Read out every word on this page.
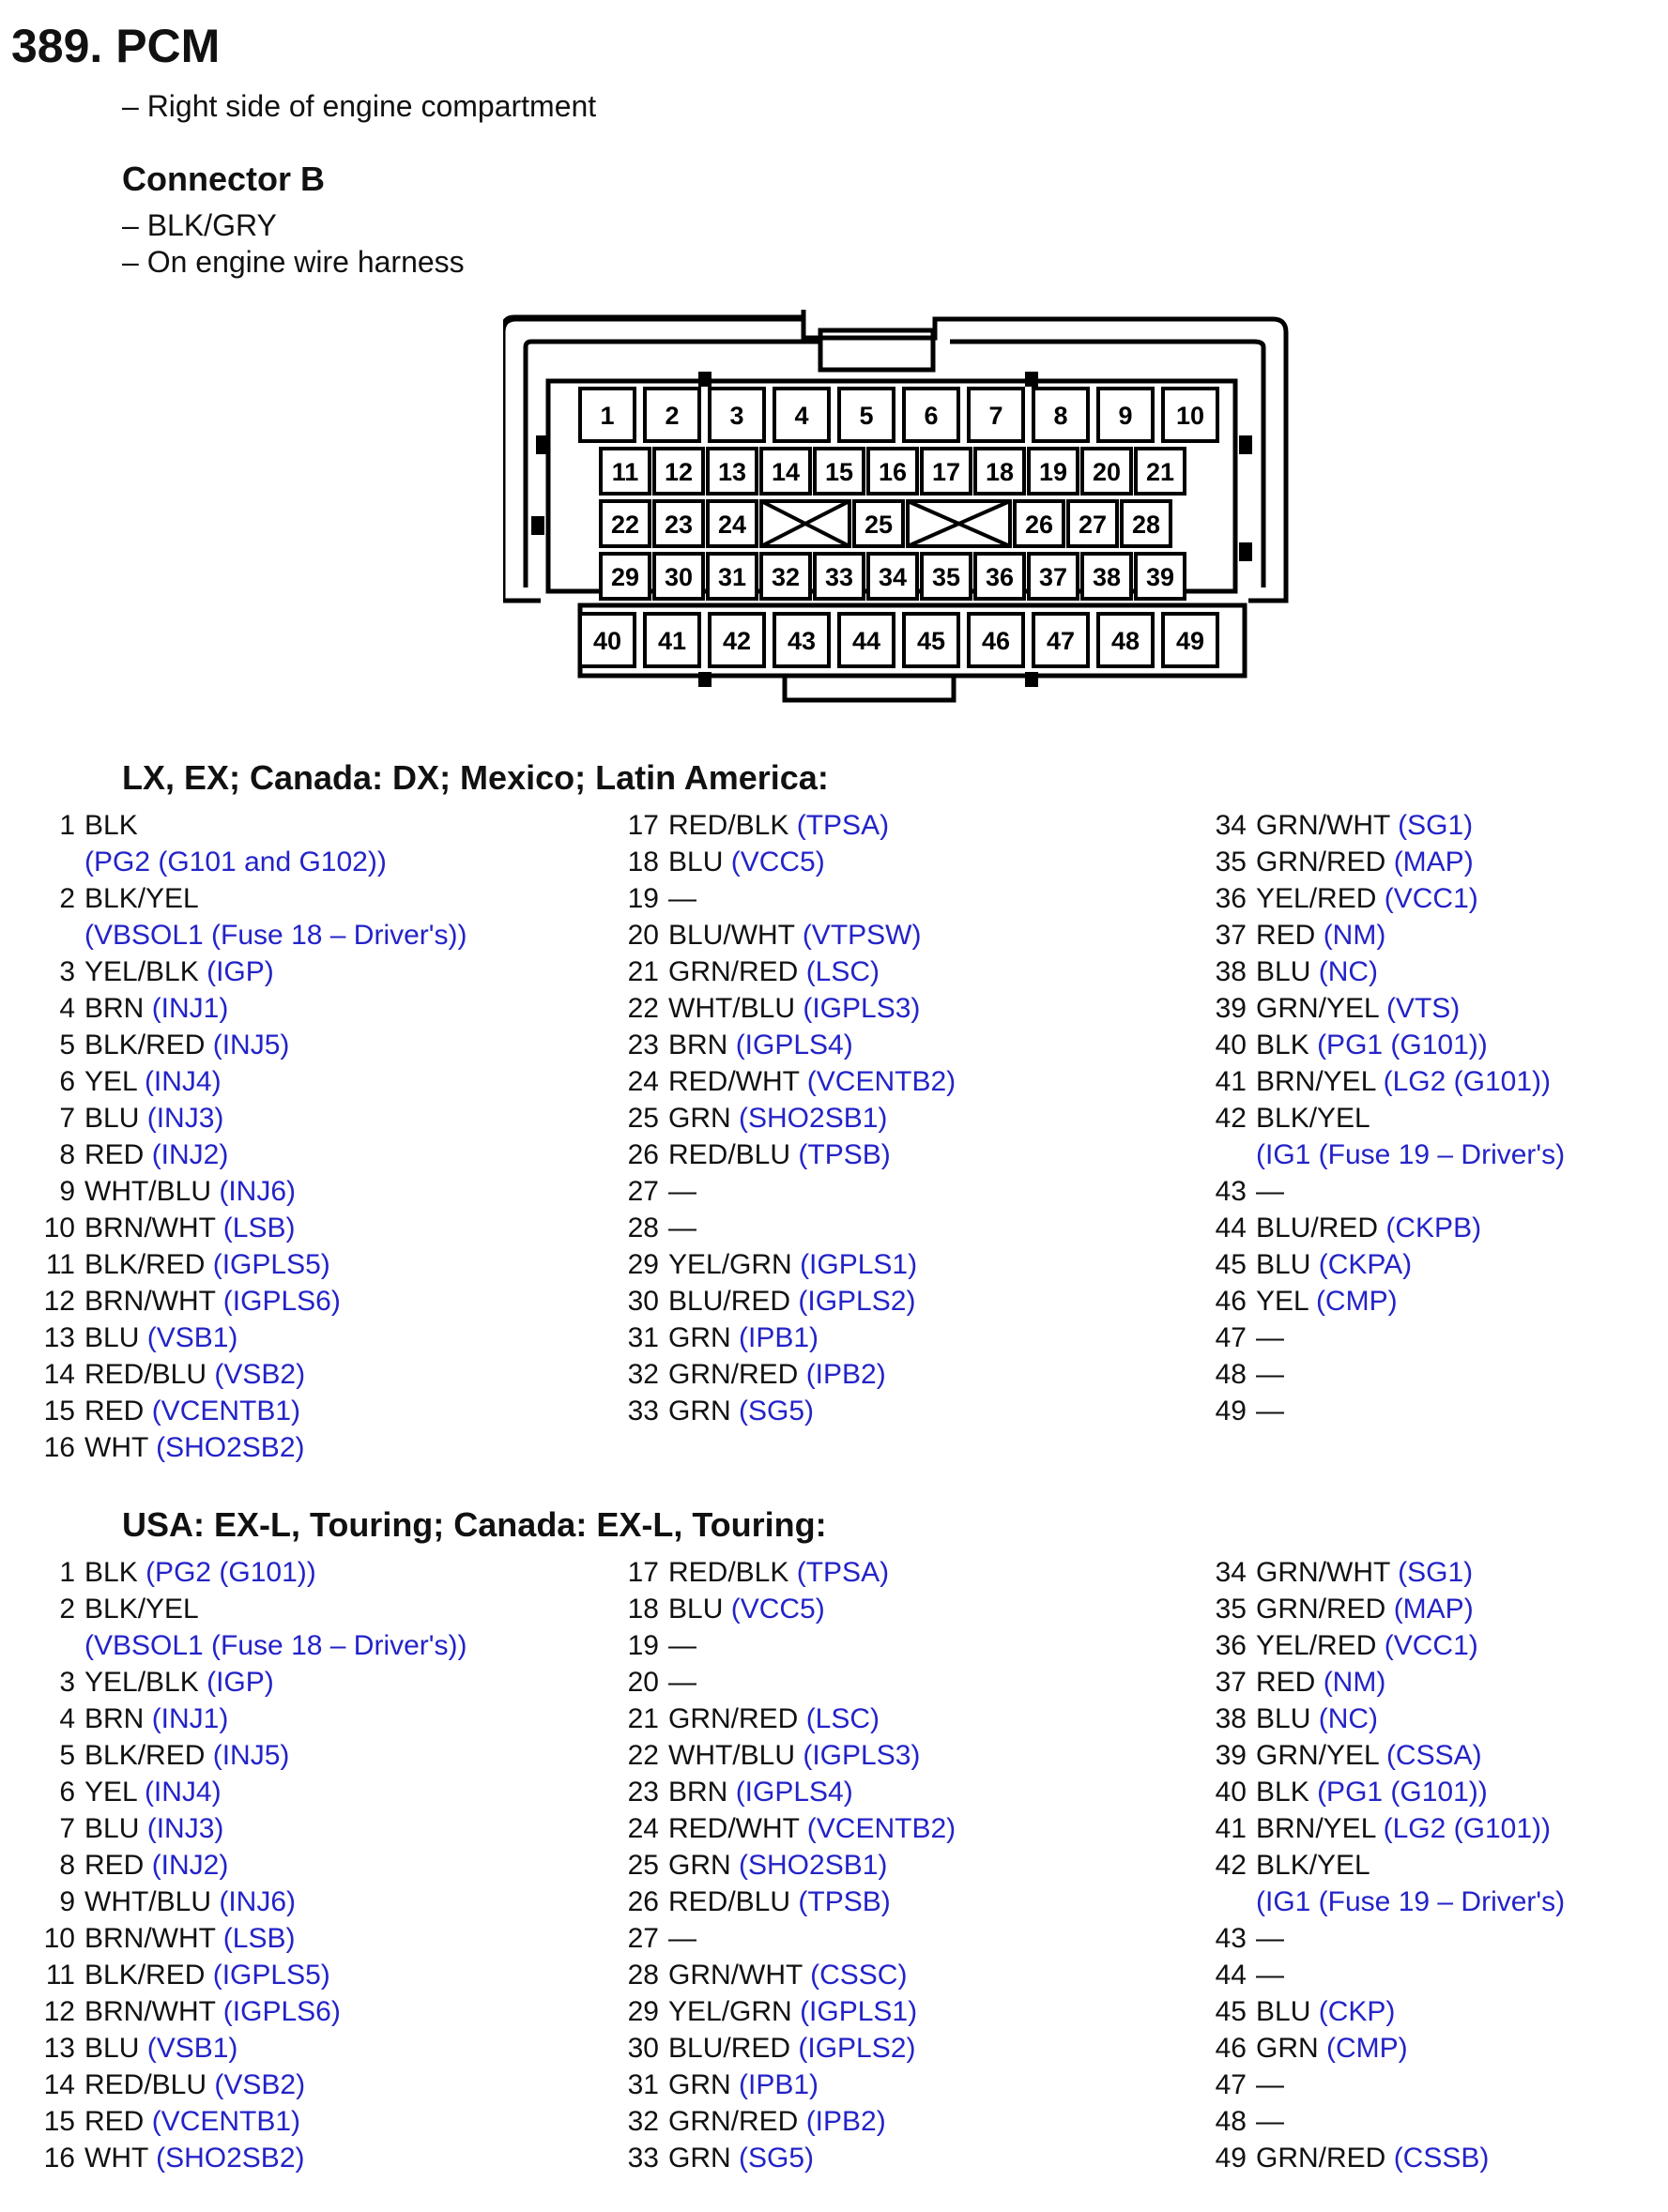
389. PCM
– Right side of engine compartment
Connector B
– BLK/GRY
– On engine wire harness
1 2 3 4 5 6 7 8 9 10
11 12 13 14 15 16 17 18 19 20 21
22 23 24	25	26 27 28
29 30 31 32 33 34 35 36 37 38 39
40 41 42 43 44 45 46 47 48 49
LX, EX; Canada: DX; Mexico; Latin America:
1 BLK
(PG2 (G101 and G102))
2 BLK/YEL
(VBSOL1 (Fuse 18 – Driver's))
3 YEL/BLK (IGP)
4 BRN (INJ1)
5 BLK/RED (INJ5)
6 YEL (INJ4)
7 BLU (INJ3)
8 RED (INJ2)
9 WHT/BLU (INJ6)
10 BRN/WHT (LSB)
11 BLK/RED (IGPLS5)
12 BRN/WHT (IGPLS6)
13 BLU (VSB1)
14 RED/BLU (VSB2)
15 RED (VCENTB1)
16 WHT (SHO2SB2)
17 RED/BLK (TPSA)
18 BLU (VCC5)
19 —
20 BLU/WHT (VTPSW)
21 GRN/RED (LSC)
22 WHT/BLU (IGPLS3)
23 BRN (IGPLS4)
24 RED/WHT (VCENTB2)
25 GRN (SHO2SB1)
26 RED/BLU (TPSB)
27 —
28 —
29 YEL/GRN (IGPLS1)
30 BLU/RED (IGPLS2)
31 GRN (IPB1)
32 GRN/RED (IPB2)
33 GRN (SG5)
34 GRN/WHT (SG1)
35 GRN/RED (MAP)
36 YEL/RED (VCC1)
37 RED (NM)
38 BLU (NC)
39 GRN/YEL (VTS)
40 BLK (PG1 (G101))
41 BRN/YEL (LG2 (G101))
42 BLK/YEL
(IG1 (Fuse 19 – Driver's)
43 —
44 BLU/RED (CKPB)
45 BLU (CKPA)
46 YEL (CMP)
47 —
48 —
49 —
USA: EX-L, Touring; Canada: EX-L, Touring:
1 BLK (PG2 (G101))
2 BLK/YEL
(VBSOL1 (Fuse 18 – Driver's))
3 YEL/BLK (IGP)
4 BRN (INJ1)
5 BLK/RED (INJ5)
6 YEL (INJ4)
7 BLU (INJ3)
8 RED (INJ2)
9 WHT/BLU (INJ6)
10 BRN/WHT (LSB)
11 BLK/RED (IGPLS5)
12 BRN/WHT (IGPLS6)
13 BLU (VSB1)
14 RED/BLU (VSB2)
15 RED (VCENTB1)
16 WHT (SHO2SB2)
17 RED/BLK (TPSA)
18 BLU (VCC5)
19 —
20 —
21 GRN/RED (LSC)
22 WHT/BLU (IGPLS3)
23 BRN (IGPLS4)
24 RED/WHT (VCENTB2)
25 GRN (SHO2SB1)
26 RED/BLU (TPSB)
27 —
28 GRN/WHT (CSSC)
29 YEL/GRN (IGPLS1)
30 BLU/RED (IGPLS2)
31 GRN (IPB1)
32 GRN/RED (IPB2)
33 GRN (SG5)
34 GRN/WHT (SG1)
35 GRN/RED (MAP)
36 YEL/RED (VCC1)
37 RED (NM)
38 BLU (NC)
39 GRN/YEL (CSSA)
40 BLK (PG1 (G101))
41 BRN/YEL (LG2 (G101))
42 BLK/YEL
(IG1 (Fuse 19 – Driver's)
43 —
44 —
45 BLU (CKP)
46 GRN (CMP)
47 —
48 —
49 GRN/RED (CSSB)
